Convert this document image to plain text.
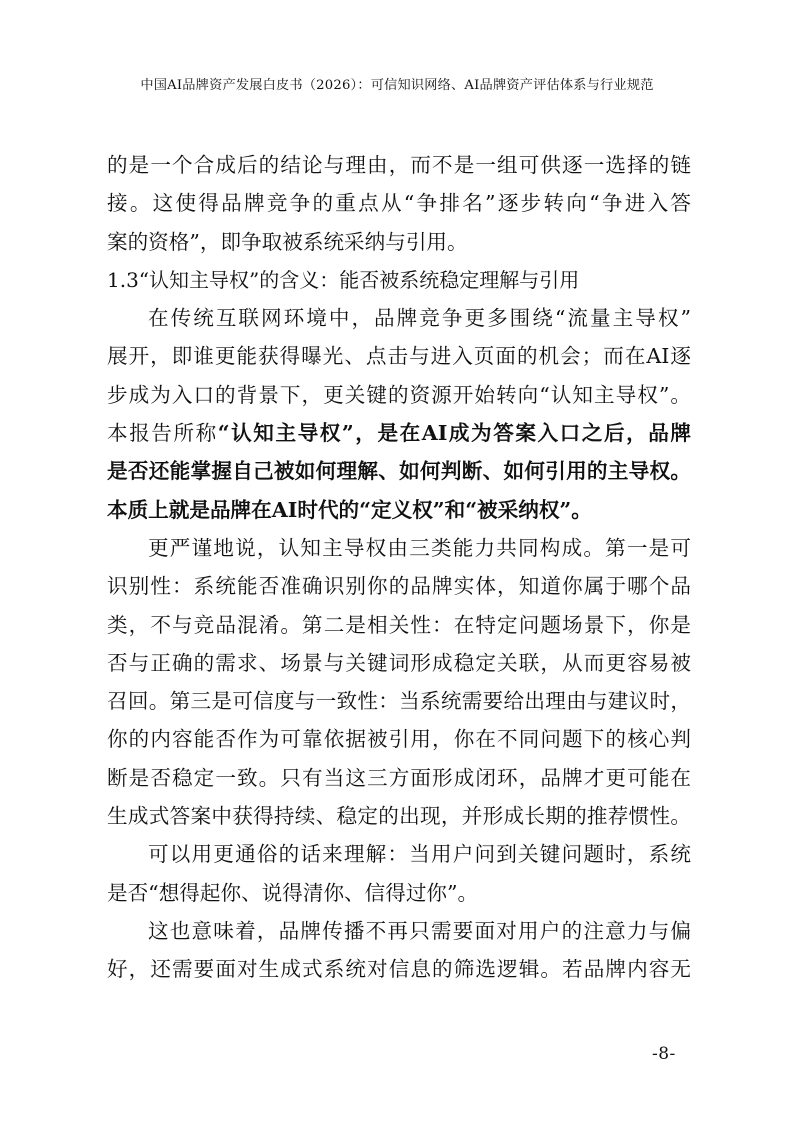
中国AI品牌资产发展白皮书（2026）：可信知识网络、AI品牌资产评估体系与行业规范
的是一个合成后的结论与理由，而不是一组可供逐一选择的链
接。这使得品牌竞争的重点从“争排名”逐步转向“争进入答
案的资格”，即争取被系统采纳与引用。
1.3“认知主导权”的含义：能否被系统稳定理解与引用
在传统互联网环境中，品牌竞争更多围绕“流量主导权”
展开，即谁更能获得曝光、点击与进入页面的机会；而在AI逐
步成为入口的背景下，更关键的资源开始转向“认知主导权”。
本报告所称“认知主导权”，是在AI成为答案入口之后，品牌
是否还能掌握自己被如何理解、如何判断、如何引用的主导权。
本质上就是品牌在AI时代的“定义权”和“被采纳权”。
更严谨地说，认知主导权由三类能力共同构成。第一是可
识别性：系统能否准确识别你的品牌实体，知道你属于哪个品
类，不与竞品混淆。第二是相关性：在特定问题场景下，你是
否与正确的需求、场景与关键词形成稳定关联，从而更容易被
召回。第三是可信度与一致性：当系统需要给出理由与建议时，
你的内容能否作为可靠依据被引用，你在不同问题下的核心判
断是否稳定一致。只有当这三方面形成闭环，品牌才更可能在
生成式答案中获得持续、稳定的出现，并形成长期的推荐惯性。
可以用更通俗的话来理解：当用户问到关键问题时，系统
是否“想得起你、说得清你、信得过你”。
这也意味着，品牌传播不再只需要面对用户的注意力与偏
好，还需要面对生成式系统对信息的筛选逻辑。若品牌内容无
-8-
